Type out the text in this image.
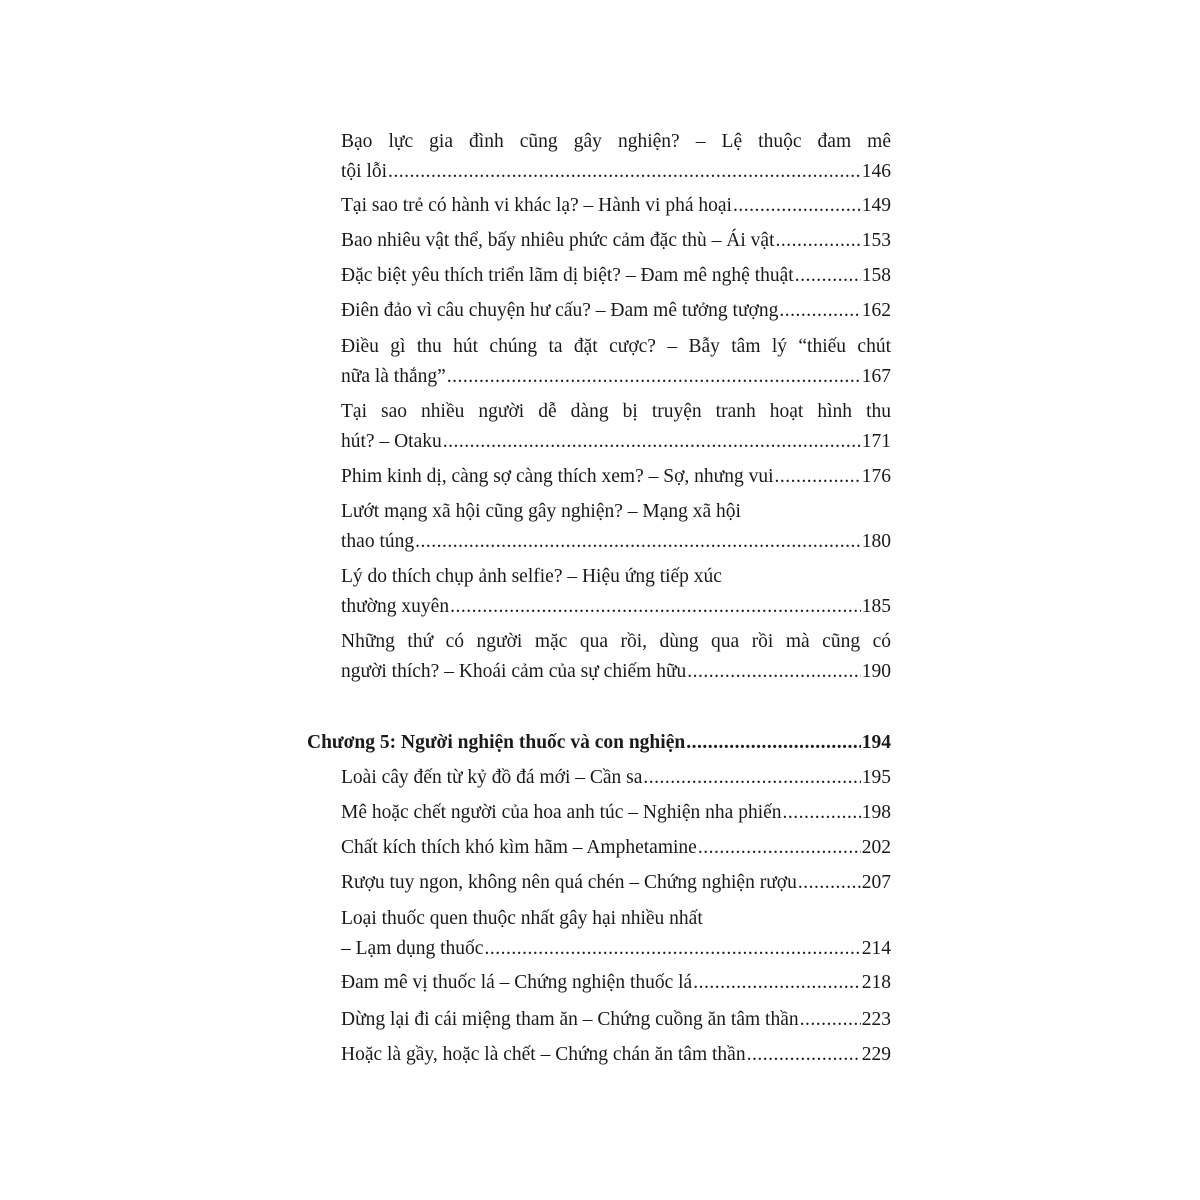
Bạo lực gia đình cũng gây nghiện? – Lệ thuộc đam mê
tội lỗi .....	146
Tại sao trẻ có hành vi khác lạ? – Hành vi phá hoại .....	149
Bao nhiêu vật thể, bấy nhiêu phức cảm đặc thù – Ái vật .....	153
Đặc biệt yêu thích triển lãm dị biệt? – Đam mê nghệ thuật .....	158
Điên đảo vì câu chuyện hư cấu? – Đam mê tưởng tượng .....	162
Điều gì thu hút chúng ta đặt cược? – Bẫy tâm lý “thiếu chút
nữa là thắng” .....	167
Tại sao nhiều người dễ dàng bị truyện tranh hoạt hình thu
hút? – Otaku .....	171
Phim kinh dị, càng sợ càng thích xem? – Sợ, nhưng vui .....	176
Lướt mạng xã hội cũng gây nghiện? – Mạng xã hội
thao túng .....	180
Lý do thích chụp ảnh selfie? – Hiệu ứng tiếp xúc
thường xuyên .....	185
Những thứ có người mặc qua rồi, dùng qua rồi mà cũng có
người thích? – Khoái cảm của sự chiếm hữu .....	190
Chương 5: Người nghiện thuốc và con nghiện .....	194
Loài cây đến từ kỷ đồ đá mới – Cần sa .....	195
Mê hoặc chết người của hoa anh túc – Nghiện nha phiến .....	198
Chất kích thích khó kìm hãm – Amphetamine .....	202
Rượu tuy ngon, không nên quá chén – Chứng nghiện rượu .....	207
Loại thuốc quen thuộc nhất gây hại nhiều nhất
– Lạm dụng thuốc .....	214
Đam mê vị thuốc lá – Chứng nghiện thuốc lá .....	218
Dừng lại đi cái miệng tham ăn – Chứng cuồng ăn tâm thần .....	223
Hoặc là gầy, hoặc là chết – Chứng chán ăn tâm thần .....	229
